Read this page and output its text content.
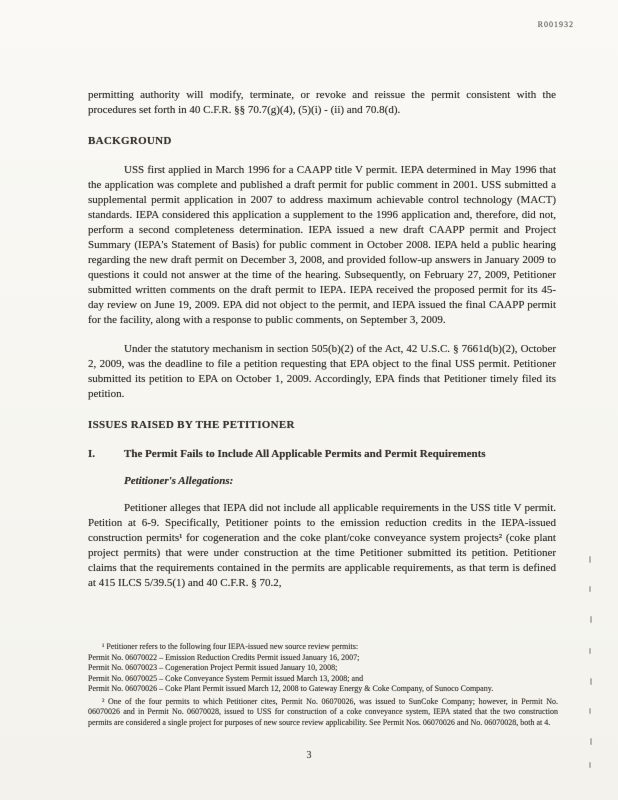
R001932

permitting authority will modify, terminate, or revoke and reissue the permit consistent with the procedures set forth in 40 C.F.R. §§ 70.7(g)(4), (5)(i) - (ii) and 70.8(d).

BACKGROUND

USS first applied in March 1996 for a CAAPP title V permit. IEPA determined in May 1996 that the application was complete and published a draft permit for public comment in 2001. USS submitted a supplemental permit application in 2007 to address maximum achievable control technology (MACT) standards. IEPA considered this application a supplement to the 1996 application and, therefore, did not, perform a second completeness determination. IEPA issued a new draft CAAPP permit and Project Summary (IEPA's Statement of Basis) for public comment in October 2008. IEPA held a public hearing regarding the new draft permit on December 3, 2008, and provided follow-up answers in January 2009 to questions it could not answer at the time of the hearing. Subsequently, on February 27, 2009, Petitioner submitted written comments on the draft permit to IEPA. IEPA received the proposed permit for its 45-day review on June 19, 2009. EPA did not object to the permit, and IEPA issued the final CAAPP permit for the facility, along with a response to public comments, on September 3, 2009.

Under the statutory mechanism in section 505(b)(2) of the Act, 42 U.S.C. § 7661d(b)(2), October 2, 2009, was the deadline to file a petition requesting that EPA object to the final USS permit. Petitioner submitted its petition to EPA on October 1, 2009. Accordingly, EPA finds that Petitioner timely filed its petition.

ISSUES RAISED BY THE PETITIONER
I.	The Permit Fails to Include All Applicable Permits and Permit Requirements
Petitioner's Allegations:

Petitioner alleges that IEPA did not include all applicable requirements in the USS title V permit. Petition at 6-9. Specifically, Petitioner points to the emission reduction credits in the IEPA-issued construction permits¹ for cogeneration and the coke plant/coke conveyance system projects² (coke plant project permits) that were under construction at the time Petitioner submitted its petition. Petitioner claims that the requirements contained in the permits are applicable requirements, as that term is defined at 415 ILCS 5/39.5(1) and 40 C.F.R. § 70.2,

¹ Petitioner refers to the following four IEPA-issued new source review permits:

Permit No. 06070022 – Emission Reduction Credits Permit issued January 16, 2007;

Permit No. 06070023 – Cogeneration Project Permit issued January 10, 2008;

Permit No. 06070025 – Coke Conveyance System Permit issued March 13, 2008; and

Permit No. 06070026 – Coke Plant Permit issued March 12, 2008 to Gateway Energy & Coke Company, of Sunoco Company.

² One of the four permits to which Petitioner cites, Permit No. 06070026, was issued to SunCoke Company; however, in Permit No. 06070026 and in Permit No. 06070028, issued to USS for construction of a coke conveyance system, IEPA stated that the two construction permits are considered a single project for purposes of new source review applicability. See Permit Nos. 06070026 and No. 06070028, both at 4.

3
